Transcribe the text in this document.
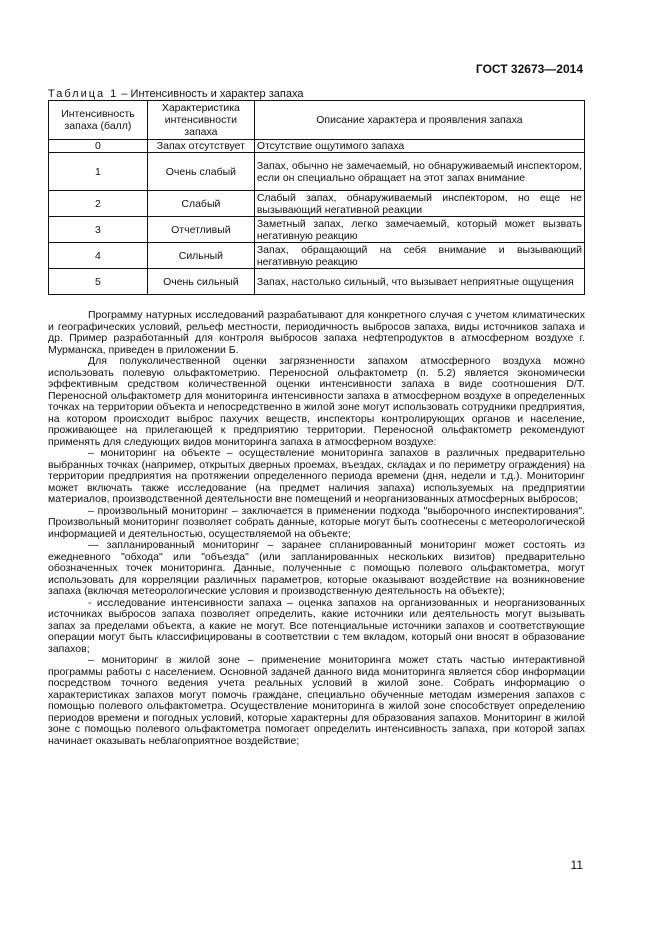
ГОСТ 32673—2014
Таблица 1 – Интенсивность и характер запаха
Интенсивность запаха (балл)	Характеристика интенсивности запаха	Описание характера и проявления запаха
0	Запах отсутствует	Отсутствие ощутимого запаха
1	Очень слабый	Запах, обычно не замечаемый, но обнаруживаемый инспектором, если он специально обращает на этот запах внимание
2	Слабый	Слабый запах, обнаруживаемый инспектором, но еще не вызывающий негативной реакции
3	Отчетливый	Заметный запах, легко замечаемый, который может вызвать негативную реакцию
4	Сильный	Запах, обращающий на себя внимание и вызывающий негативную реакцию
5	Очень сильный	Запах, настолько сильный, что вызывает неприятные ощущения

Программу натурных исследований разрабатывают для конкретного случая с учетом климатических и географических условий, рельеф местности, периодичность выбросов запаха, виды источников запаха и др. Пример разработанный для контроля выбросов запаха нефтепродуктов в атмосферном воздухе г. Мурманска, приведен в приложении Б.

Для полуколичественной оценки загрязненности запахом атмосферного воздуха можно использовать полевую ольфактометрию. Переносной ольфактометр (п. 5.2) является экономически эффективным средством количественной оценки интенсивности запаха в виде соотношения D/T. Переносной ольфактометр для мониторинга интенсивности запаха в атмосферном воздухе в определенных точках на территории объекта и непосредственно в жилой зоне могут использовать сотрудники предприятия, на котором происходит выброс пахучих веществ, инспекторы контролирующих органов и население, проживающее на прилегающей к предприятию территории. Переносной ольфактометр рекомендуют применять для следующих видов мониторинга запаха в атмосферном воздухе:

– мониторинг на объекте – осуществление мониторинга запахов в различных предварительно выбранных точках (например, открытых дверных проемах, въездах, складах и по периметру ограждения) на территории предприятия на протяжении определенного периода времени (дня, недели и т.д.). Мониторинг может включать также исследование (на предмет наличия запаха) используемых на предприятии материалов, производственной деятельности вне помещений и неорганизованных атмосферных выбросов;

– произвольный мониторинг – заключается в применении подхода "выборочного инспектирования". Произвольный мониторинг позволяет собрать данные, которые могут быть соотнесены с метеорологической информацией и деятельностью, осуществляемой на объекте;

— запланированный мониторинг – заранее спланированный мониторинг может состоять из ежедневного "обхода" или "объезда" (или запланированных нескольких визитов) предварительно обозначенных точек мониторинга. Данные, полученные с помощью полевого ольфактометра, могут использовать для корреляции различных параметров, которые оказывают воздействие на возникновение запаха (включая метеорологические условия и производственную деятельность на объекте);

- исследование интенсивности запаха – оценка запахов на организованных и неорганизованных источниках выбросов запаха позволяет определить, какие источники или деятельность могут вызывать запах за пределами объекта, а какие не могут. Все потенциальные источники запахов и соответствующие операции могут быть классифицированы в соответствии с тем вкладом, который они вносят в образование запахов;

– мониторинг в жилой зоне – применение мониторинга может стать частью интерактивной программы работы с населением. Основной задачей данного вида мониторинга является сбор информации посредством точного ведения учета реальных условий в жилой зоне. Собрать информацию о характеристиках запахов могут помочь граждане, специально обученные методам измерения запахов с помощью полевого ольфактометра. Осуществление мониторинга в жилой зоне способствует определению периодов времени и погодных условий, которые характерны для образования запахов. Мониторинг в жилой зоне с помощью полевого ольфактометра помогает определить интенсивность запаха, при которой запах начинает оказывать неблагоприятное воздействие;

11
